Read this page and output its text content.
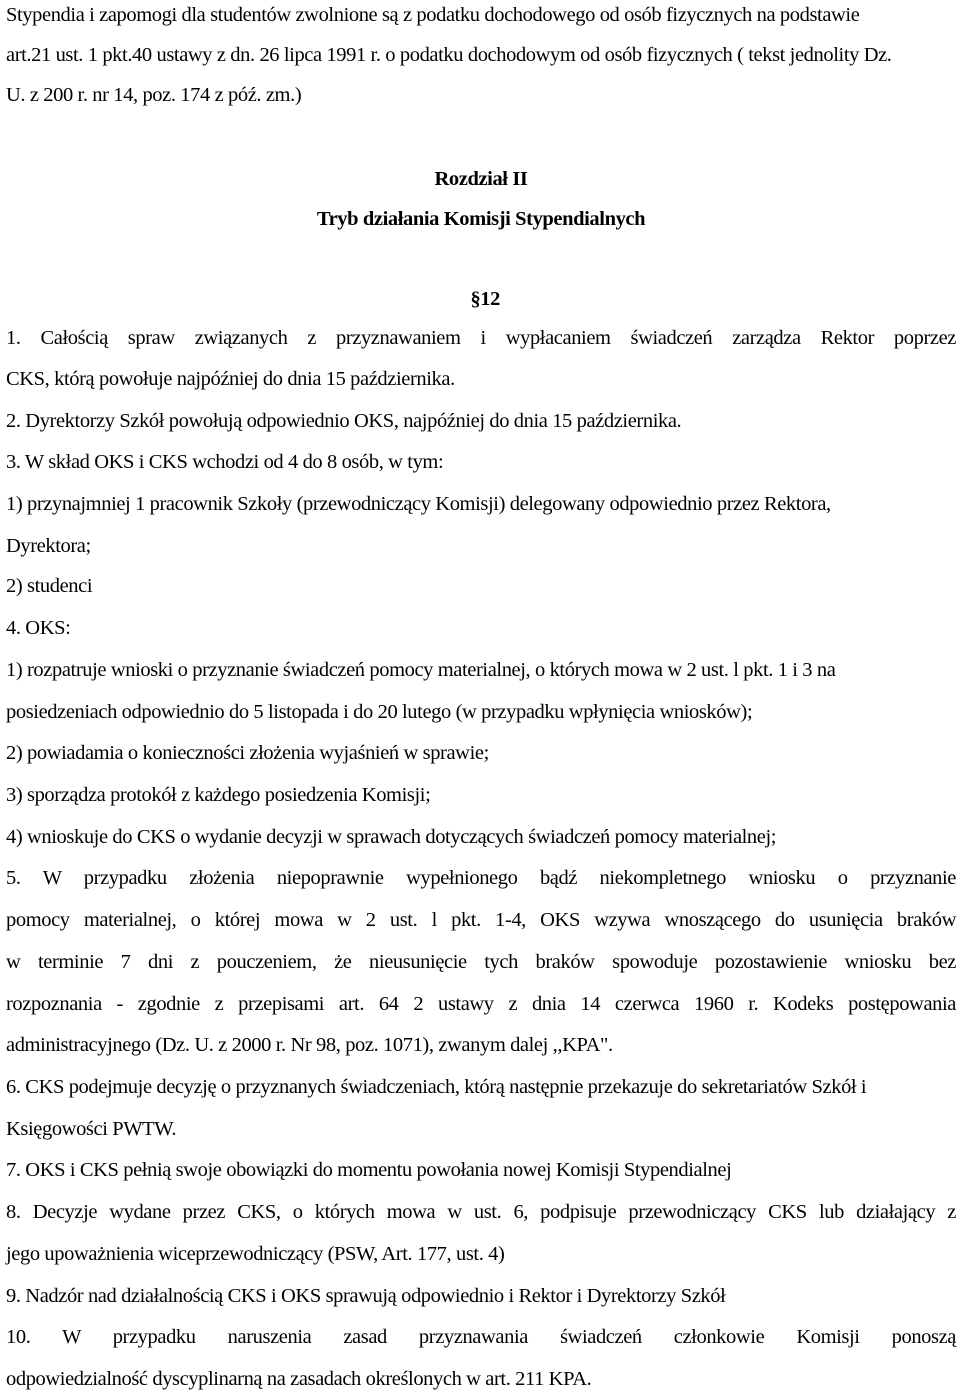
Stypendia i zapomogi dla studentów zwolnione są z podatku dochodowego od osób fizycznych na podstawie
art.21 ust. 1 pkt.40 ustawy z dn. 26 lipca 1991 r. o podatku dochodowym od osób fizycznych ( tekst jednolity Dz.
U. z 200 r. nr 14, poz. 174 z póź. zm.)
Rozdział II
Tryb działania Komisji Stypendialnych
§12
1. Całością spraw związanych z przyznawaniem i wypłacaniem świadczeń zarządza Rektor poprzez
CKS, którą powołuje najpóźniej do dnia 15 października.
2. Dyrektorzy Szkół powołują odpowiednio OKS, najpóźniej do dnia 15 października.
3. W skład OKS i CKS wchodzi od 4 do 8 osób, w tym:
1) przynajmniej 1 pracownik Szkoły (przewodniczący Komisji) delegowany odpowiednio przez Rektora,
Dyrektora;
2) studenci
4. OKS:
1) rozpatruje wnioski o przyznanie świadczeń pomocy materialnej, o których mowa w 2 ust. l pkt. 1 i 3 na
posiedzeniach odpowiednio do 5 listopada i do 20 lutego (w przypadku wpłynięcia wniosków);
2) powiadamia o konieczności złożenia wyjaśnień w sprawie;
3) sporządza protokół z każdego posiedzenia Komisji;
4) wnioskuje do CKS o wydanie decyzji w sprawach dotyczących świadczeń pomocy materialnej;
5. W przypadku złożenia niepoprawnie wypełnionego bądź niekompletnego wniosku o przyznanie
pomocy materialnej, o której mowa w 2 ust. l pkt. 1-4, OKS wzywa wnoszącego do usunięcia braków
w terminie 7 dni z pouczeniem, że nieusunięcie tych braków spowoduje pozostawienie wniosku bez
rozpoznania - zgodnie z przepisami art. 64 2 ustawy z dnia 14 czerwca 1960 r. Kodeks postępowania
administracyjnego (Dz. U. z 2000 r. Nr 98, poz. 1071), zwanym dalej ,,KPA".
6. CKS podejmuje decyzję o przyznanych świadczeniach, którą następnie przekazuje do sekretariatów Szkół i
Księgowości PWTW.
7. OKS i CKS pełnią swoje obowiązki do momentu powołania nowej Komisji Stypendialnej
8. Decyzje wydane przez CKS, o których mowa w ust. 6, podpisuje przewodniczący CKS lub działający z
jego upoważnienia wiceprzewodniczący (PSW, Art. 177, ust. 4)
9. Nadzór nad działalnością CKS i OKS sprawują odpowiednio i Rektor i Dyrektorzy Szkół
10. W przypadku naruszenia zasad przyznawania świadczeń członkowie Komisji ponoszą
odpowiedzialność dyscyplinarną na zasadach określonych w art. 211 KPA.
